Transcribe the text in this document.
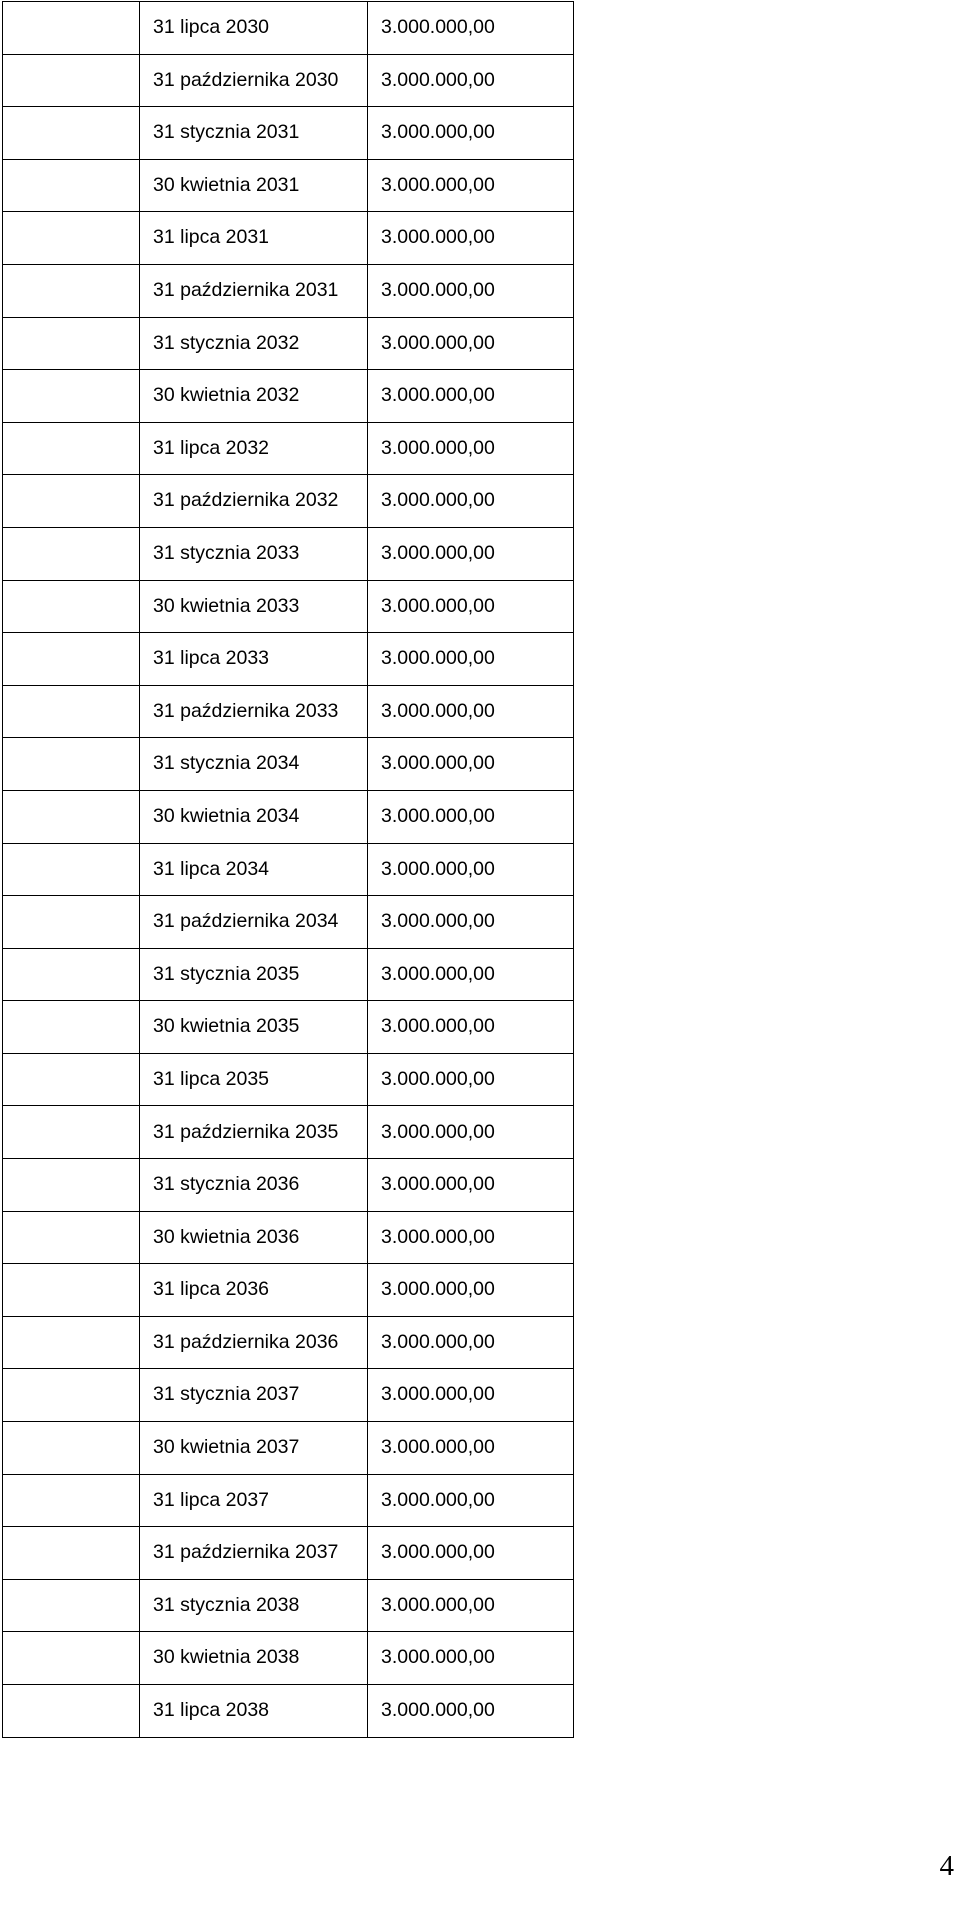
	31 lipca 2030	3.000.000,00
	31 października 2030	3.000.000,00
	31 stycznia 2031	3.000.000,00
	30 kwietnia 2031	3.000.000,00
	31 lipca 2031	3.000.000,00
	31 października 2031	3.000.000,00
	31 stycznia 2032	3.000.000,00
	30 kwietnia 2032	3.000.000,00
	31 lipca 2032	3.000.000,00
	31 października 2032	3.000.000,00
	31 stycznia 2033	3.000.000,00
	30 kwietnia 2033	3.000.000,00
	31 lipca 2033	3.000.000,00
	31 października 2033	3.000.000,00
	31 stycznia 2034	3.000.000,00
	30 kwietnia 2034	3.000.000,00
	31 lipca 2034	3.000.000,00
	31 października 2034	3.000.000,00
	31 stycznia 2035	3.000.000,00
	30 kwietnia 2035	3.000.000,00
	31 lipca 2035	3.000.000,00
	31 października 2035	3.000.000,00
	31 stycznia 2036	3.000.000,00
	30 kwietnia 2036	3.000.000,00
	31 lipca 2036	3.000.000,00
	31 października 2036	3.000.000,00
	31 stycznia 2037	3.000.000,00
	30 kwietnia 2037	3.000.000,00
	31 lipca 2037	3.000.000,00
	31 października 2037	3.000.000,00
	31 stycznia 2038	3.000.000,00
	30 kwietnia 2038	3.000.000,00
	31 lipca 2038	3.000.000,00
4
